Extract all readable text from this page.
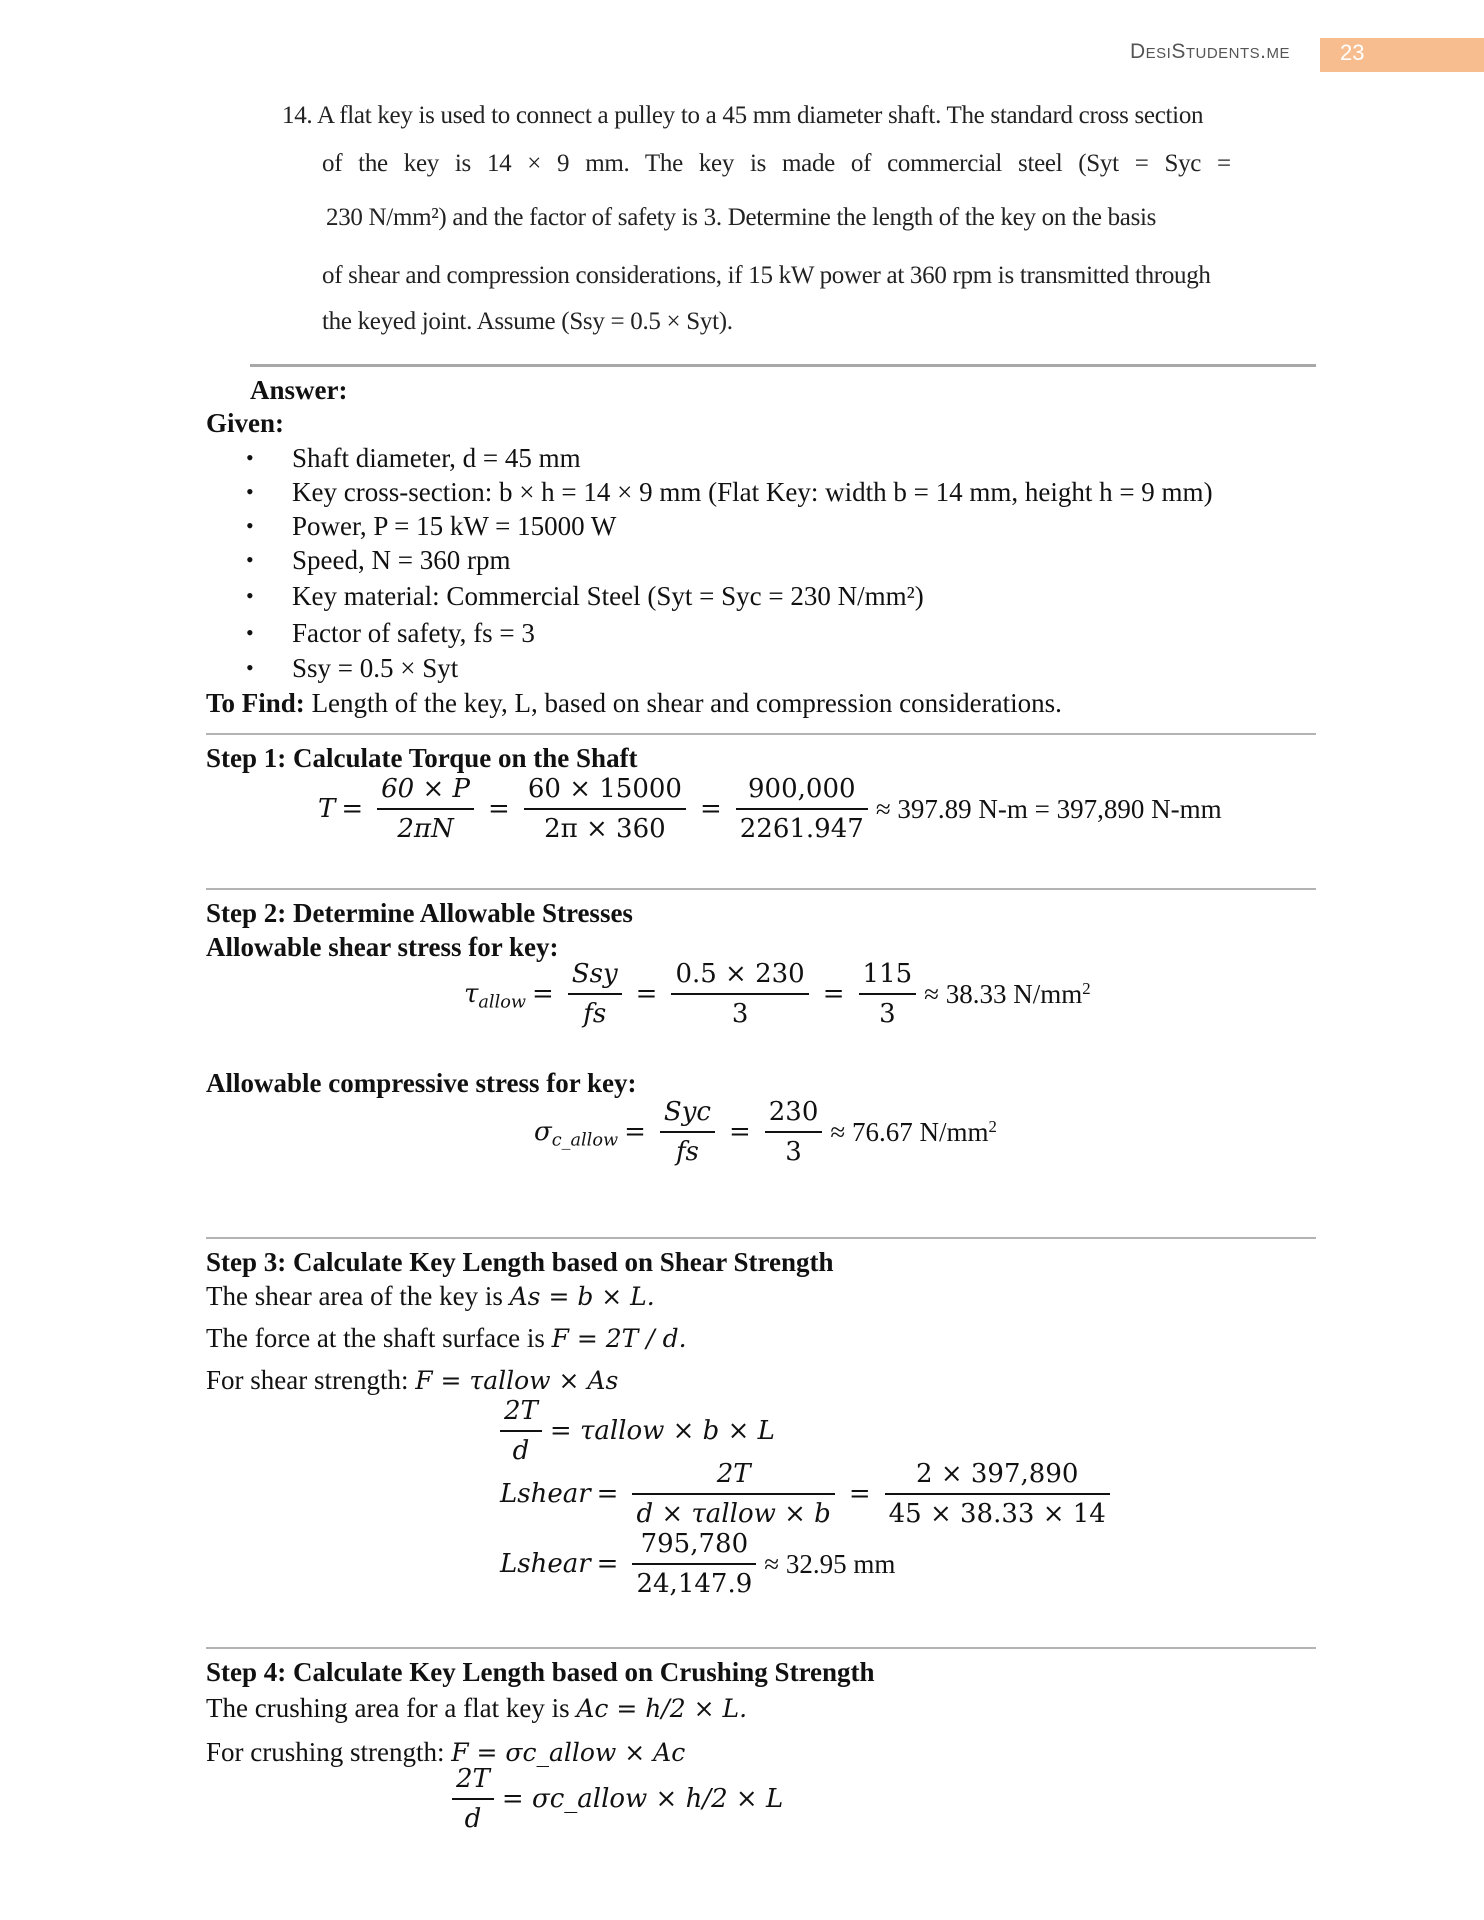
DesiStudents.me 23
14. A flat key is used to connect a pulley to a 45 mm diameter shaft. The standard cross section
of the key is 14 × 9 mm. The key is made of commercial steel (Syt = Syc =
230 N/mm²) and the factor of safety is 3. Determine the length of the key on the basis
of shear and compression considerations, if 15 kW power at 360 rpm is transmitted through
the keyed joint. Assume (Ssy = 0.5 × Syt).
Answer:
Given:
• Shaft diameter, d = 45 mm
• Key cross-section: b × h = 14 × 9 mm (Flat Key: width b = 14 mm, height h = 9 mm)
• Power, P = 15 kW = 15000 W
• Speed, N = 360 rpm
• Key material: Commercial Steel (Syt = Syc = 230 N/mm²)
• Factor of safety, fs = 3
• Ssy = 0.5 × Syt
To Find: Length of the key, L, based on shear and compression considerations.
Step 1: Calculate Torque on the Shaft
$T = \frac{60 \times P}{2\pi N} = \frac{60 \times 15000}{2\pi \times 360} = \frac{900,000}{2261.947} \approx 397.89$ N-m = 397,890 N-mm
Step 2: Determine Allowable Stresses
Allowable shear stress for key:
$\tau_{allow} = \frac{\text{Ssy}}{fs} = \frac{0.5 \times 230}{3} = \frac{115}{3} \approx 38.33$ $N/mm^2$
Allowable compressive stress for key:
$\sigma_{c\_allow} = \frac{\text{Syc}}{fs} = \frac{230}{3} \approx 76.67$ $N/mm^2$
Step 3: Calculate Key Length based on Shear Strength
The shear area of the key is As = b × L.
The force at the shaft surface is F = 2T / d.
For shear strength: F = τallow × As
$\frac{2T}{d}$ = τallow × b × L
Lshear = $\frac{2T}{\text{d × τallow × b}} = \frac{2 \times 397,890}{45 \times 38.33 \times 14}$
Lshear = $\frac{795,780}{24,147.9} \approx 32.95$ mm
Step 4: Calculate Key Length based on Crushing Strength
The crushing area for a flat key is Ac = h/2 × L.
For crushing strength: F = σc_allow × Ac
$\frac{2T}{d}$ = σc_allow × h/2 × L
